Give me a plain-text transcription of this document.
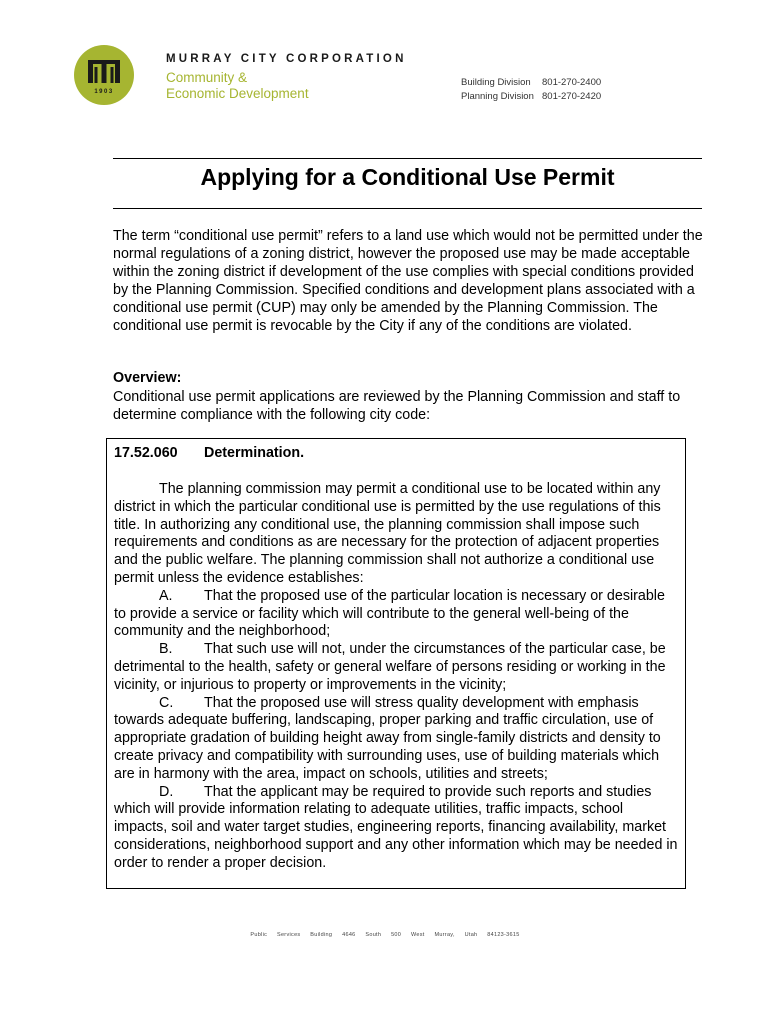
1903
MURRAY CITY CORPORATION
Community &
Economic Development
Building Division	801-270-2400
Planning Division 801-270-2420
Applying for a Conditional Use Permit
The term “conditional use permit” refers to a land use which would not be permitted under the normal regulations of a zoning district, however the proposed use may be made acceptable within the zoning district if development of the use complies with special conditions provided by the Planning Commission. Specified conditions and development plans associated with a conditional use permit (CUP) may only be amended by the Planning Commission. The conditional use permit is revocable by the City if any of the conditions are violated.
Overview:
Conditional use permit applications are reviewed by the Planning Commission and staff to determine compliance with the following city code:
17.52.060	Determination.

The planning commission may permit a conditional use to be located within any district in which the particular conditional use is permitted by the use regulations of this title. In authorizing any conditional use, the planning commission shall impose such requirements and conditions as are necessary for the protection of adjacent properties and the public welfare. The planning commission shall not authorize a conditional use permit unless the evidence establishes:

A. That the proposed use of the particular location is necessary or desirable to provide a service or facility which will contribute to the general well-being of the community and the neighborhood;

B. That such use will not, under the circumstances of the particular case, be detrimental to the health, safety or general welfare of persons residing or working in the vicinity, or injurious to property or improvements in the vicinity;

C. That the proposed use will stress quality development with emphasis towards adequate buffering, landscaping, proper parking and traffic circulation, use of appropriate gradation of building height away from single-family districts and density to create privacy and compatibility with surrounding uses, use of building materials which are in harmony with the area, impact on schools, utilities and streets;

D. That the applicant may be required to provide such reports and studies which will provide information relating to adequate utilities, traffic impacts, school impacts, soil and water target studies, engineering reports, financing availability, market considerations, neighborhood support and any other information which may be needed in order to render a proper decision.

Public Services Building 4646 South 500 West Murray, Utah 84123-3615
